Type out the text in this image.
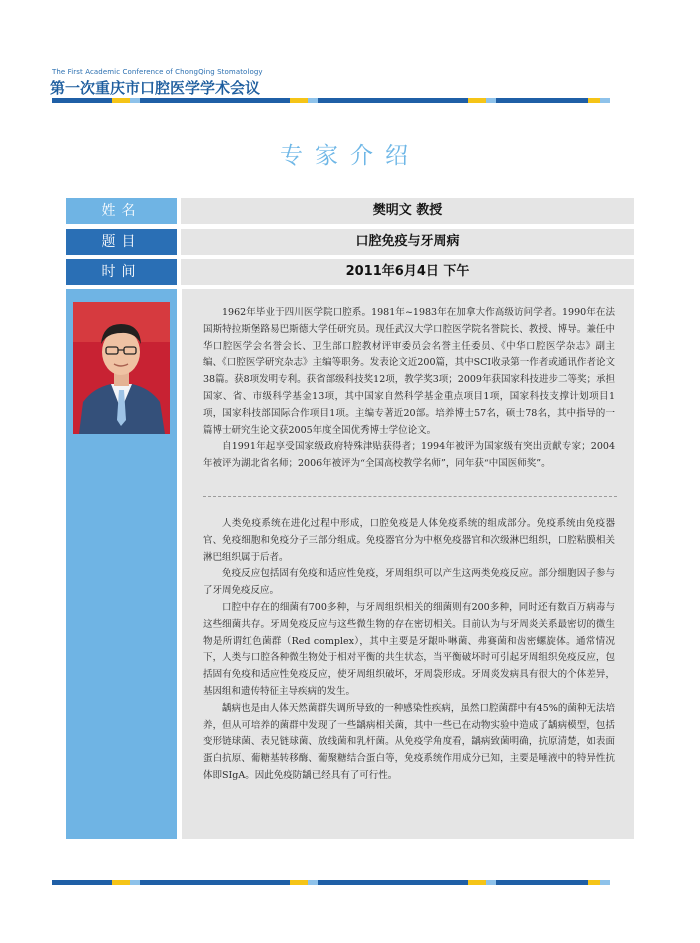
The First Academic Conference of ChongQing Stomatology
第一次重庆市口腔医学学术会议
专家介绍
姓名	樊明文 教授
题目	口腔免疫与牙周病
时间	2011年6月4日 下午

1962年毕业于四川医学院口腔系。1981年~1983年在加拿大作高级访问学者。1990年在法国斯特拉斯堡路易巴斯德大学任研究员。现任武汉大学口腔医学院名誉院长、教授、博导。兼任中华口腔医学会名誉会长、卫生部口腔教材评审委员会名誉主任委员、《中华口腔医学杂志》副主编、《口腔医学研究杂志》主编等职务。发表论文近200篇，其中SCI收录第一作者或通讯作者论文38篇。获8项发明专利。获省部级科技奖12项，教学奖3项；2009年获国家科技进步二等奖；承担国家、省、市级科学基金13项，其中国家自然科学基金重点项目1项，国家科技支撑计划项目1项，国家科技部国际合作项目1项。主编专著近20部。培养博士57名，硕士78名，其中指导的一篇博士研究生论文获2005年度全国优秀博士学位论文。

自1991年起享受国家级政府特殊津贴获得者；1994年被评为国家级有突出贡献专家；2004年被评为湖北省名师；2006年被评为“全国高校教学名师”，同年获“中国医师奖”。

人类免疫系统在进化过程中形成，口腔免疫是人体免疫系统的组成部分。免疫系统由免疫器官、免疫细胞和免疫分子三部分组成。免疫器官分为中枢免疫器官和次级淋巴组织，口腔粘膜相关淋巴组织属于后者。

免疫反应包括固有免疫和适应性免疫，牙周组织可以产生这两类免疫反应。部分细胞因子参与了牙周免疫反应。

口腔中存在的细菌有700多种，与牙周组织相关的细菌则有200多种，同时还有数百万病毒与这些细菌共存。牙周免疫反应与这些微生物的存在密切相关。目前认为与牙周炎关系最密切的微生物是所谓红色菌群（Red complex），其中主要是牙龈卟啉菌、弗赛菌和齿密螺旋体。通常情况下，人类与口腔各种微生物处于相对平衡的共生状态，当平衡破坏时可引起牙周组织免疫反应，包括固有免疫和适应性免疫反应，使牙周组织破坏，牙周袋形成。牙周炎发病具有很大的个体差异，基因组和遗传特征主导疾病的发生。

龋病也是由人体天然菌群失调所导致的一种感染性疾病，虽然口腔菌群中有45%的菌种无法培养，但从可培养的菌群中发现了一些龋病相关菌，其中一些已在动物实验中造成了龋病模型，包括变形链球菌、表兄链球菌、放线菌和乳杆菌。从免疫学角度看，龋病致菌明确，抗原清楚，如表面蛋白抗原、葡糖基转移酶、葡聚糖结合蛋白等，免疫系统作用成分已知，主要是唾液中的特异性抗体即SIgA。因此免疫防龋已经具有了可行性。
